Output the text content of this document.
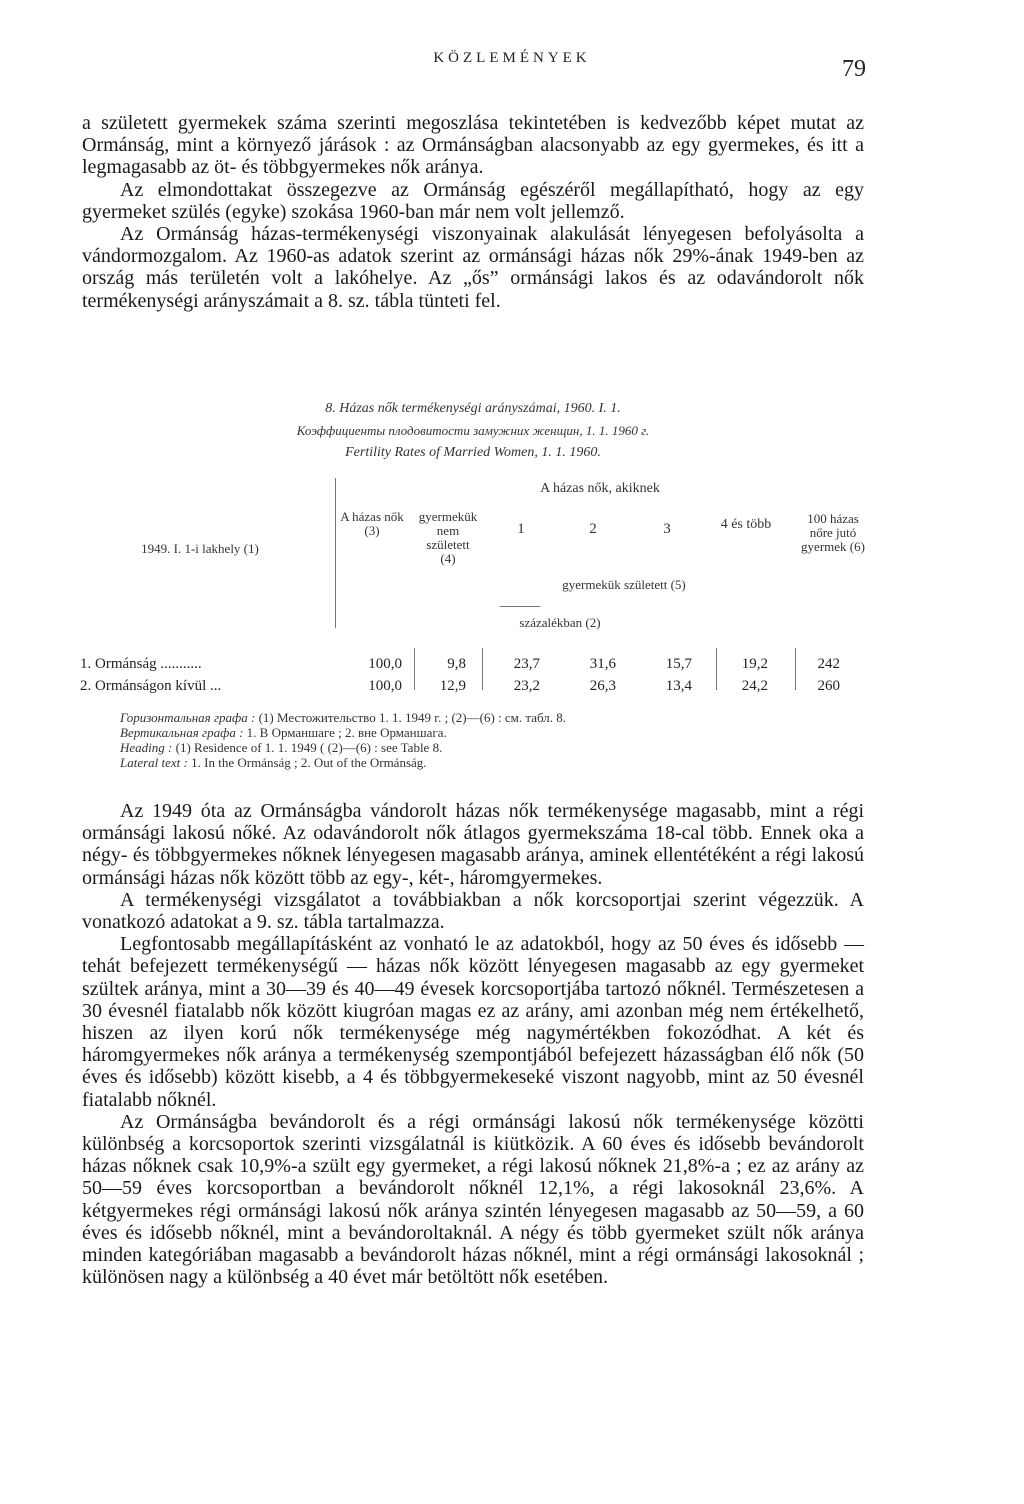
KÖZLEMÉNYEK	79

a született gyermekek száma szerinti megoszlása tekintetében is kedvezőbb képet mutat az Ormánság, mint a környező járások : az Ormánságban alacsonyabb az egy gyermekes, és itt a legmagasabb az öt- és többgyermekes nők aránya.

Az elmondottakat összegezve az Ormánság egészéről megállapítható, hogy az egy gyermeket szülés (egyke) szokása 1960-ban már nem volt jellemző.

Az Ormánság házas-termékenységi viszonyainak alakulását lényegesen befolyásolta a vándormozgalom. Az 1960-as adatok szerint az ormánsági házas nők 29%-ának 1949-ben az ország más területén volt a lakóhelye. Az „ős” ormánsági lakos és az odavándorolt nők termékenységi arányszámait a 8. sz. tábla tünteti fel.

8. Házas nők termékenységi arányszámai, 1960. I. 1.
Коэффициенты плодовитости замужних женщин, 1. 1. 1960 г.
Fertility Rates of Married Women, 1. 1. 1960.
A házas nők, akiknek
1949. I. 1-i lakhely (1)
A házas nők (3)
gyermekük nem született (4)
1	2	3	4 és több	100 házas nőre jutó gyermek (6)
gyermekük született (5)
százalékban (2)
1. Ormánság ...........	100,0	9,8	23,7	31,6	15,7	19,2	242
2. Ormánságon kívül ...	100,0	12,9	23,2	26,3	13,4	24,2	260
Горизонтальная графа : (1) Местожительство 1. 1. 1949 г. ; (2)—(6) : см. табл. 8.
Вертикальная графа : 1. В Орманшаге ; 2. вне Орманшага.
Heading : (1) Residence of 1. 1. 1949 ( (2)—(6) : see Table 8.
Lateral text : 1. In the Ormánság ; 2. Out of the Ormánság.

Az 1949 óta az Ormánságba vándorolt házas nők termékenysége magasabb, mint a régi ormánsági lakosú nőké. Az odavándorolt nők átlagos gyermekszáma 18-cal több. Ennek oka a négy- és többgyermekes nőknek lényegesen magasabb aránya, aminek ellentétéként a régi lakosú ormánsági házas nők között több az egy-, két-, háromgyermekes.

A termékenységi vizsgálatot a továbbiakban a nők korcsoportjai szerint végezzük. A vonatkozó adatokat a 9. sz. tábla tartalmazza.

Legfontosabb megállapításként az vonható le az adatokból, hogy az 50 éves és idősebb — tehát befejezett termékenységű — házas nők között lényegesen magasabb az egy gyermeket szültek aránya, mint a 30—39 és 40—49 évesek korcsoportjába tartozó nőknél. Természetesen a 30 évesnél fiatalabb nők között kiugróan magas ez az arány, ami azonban még nem értékelhető, hiszen az ilyen korú nők termékenysége még nagymértékben fokozódhat. A két és háromgyermekes nők aránya a termékenység szempontjából befejezett házasságban élő nők (50 éves és idősebb) között kisebb, a 4 és többgyermekeseké viszont nagyobb, mint az 50 évesnél fiatalabb nőknél.

Az Ormánságba bevándorolt és a régi ormánsági lakosú nők termékenysége közötti különbség a korcsoportok szerinti vizsgálatnál is kiütközik. A 60 éves és idősebb bevándorolt házas nőknek csak 10,9%-a szült egy gyermeket, a régi lakosú nőknek 21,8%-a ; ez az arány az 50—59 éves korcsoportban a bevándorolt nőknél 12,1%, a régi lakosoknál 23,6%. A kétgyermekes régi ormánsági lakosú nők aránya szintén lényegesen magasabb az 50—59, a 60 éves és idősebb nőknél, mint a bevándoroltaknál. A négy és több gyermeket szült nők aránya minden kategóriában magasabb a bevándorolt házas nőknél, mint a régi ormánsági lakosoknál ; különösen nagy a különbség a 40 évet már betöltött nők esetében.
